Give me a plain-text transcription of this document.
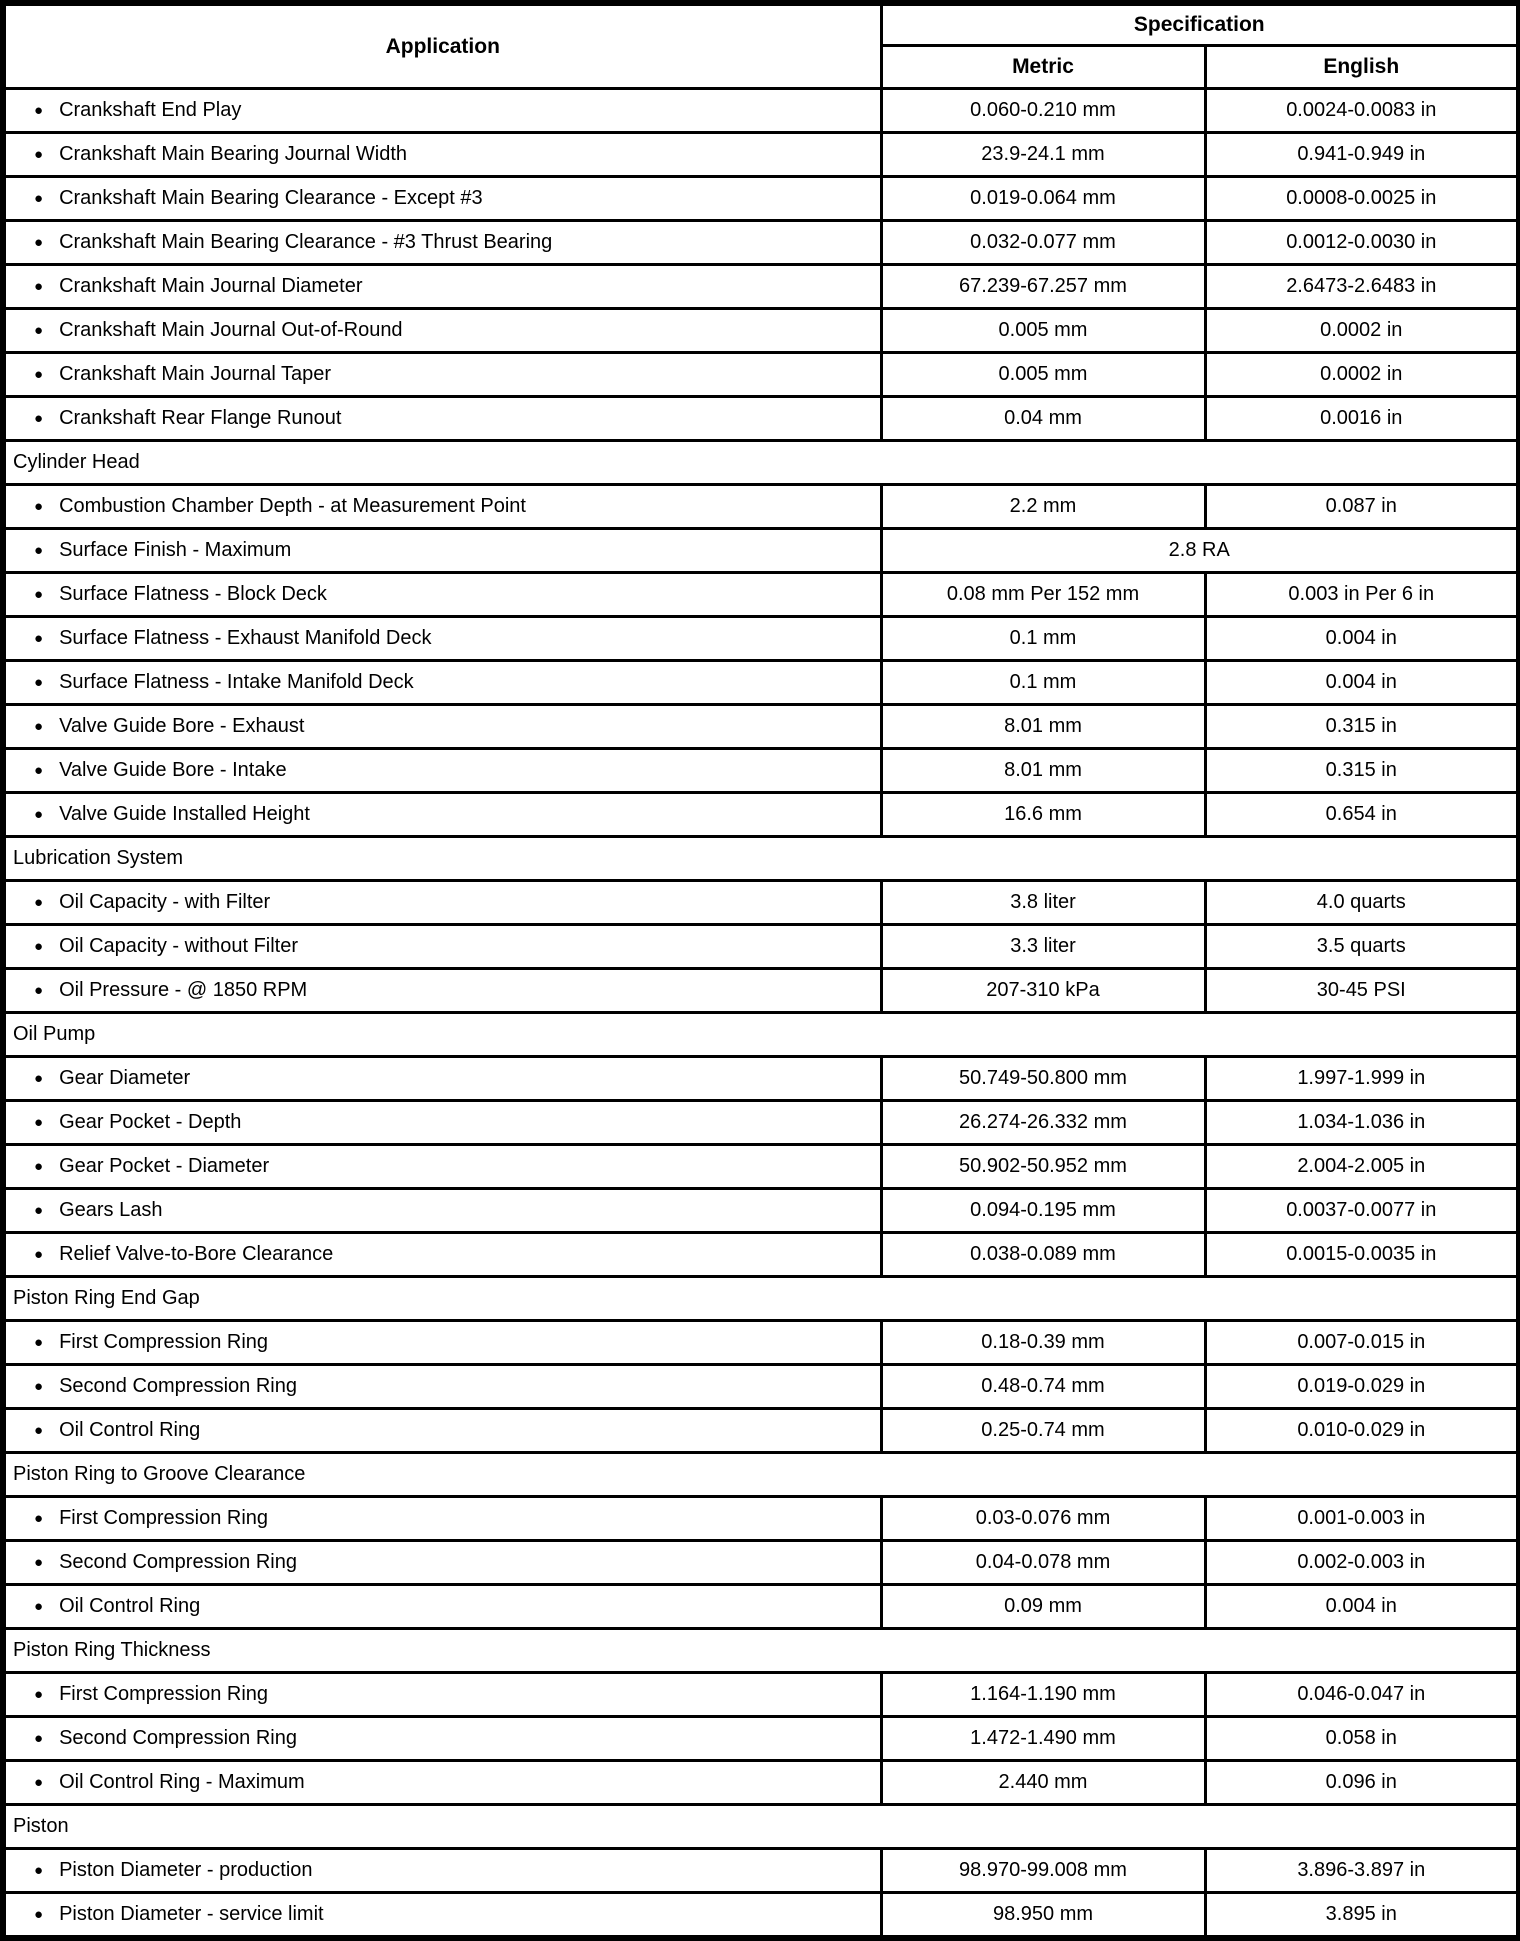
Application	Specification	
	Metric	English
● Crankshaft End Play	0.060-0.210 mm	0.0024-0.0083 in
● Crankshaft Main Bearing Journal Width	23.9-24.1 mm	0.941-0.949 in
● Crankshaft Main Bearing Clearance - Except #3	0.019-0.064 mm	0.0008-0.0025 in
● Crankshaft Main Bearing Clearance - #3 Thrust Bearing	0.032-0.077 mm	0.0012-0.0030 in
● Crankshaft Main Journal Diameter	67.239-67.257 mm	2.6473-2.6483 in
● Crankshaft Main Journal Out-of-Round	0.005 mm	0.0002 in
● Crankshaft Main Journal Taper	0.005 mm	0.0002 in
● Crankshaft Rear Flange Runout	0.04 mm	0.0016 in
Cylinder Head		
● Combustion Chamber Depth - at Measurement Point	2.2 mm	0.087 in
● Surface Finish - Maximum	2.8 RA	
● Surface Flatness - Block Deck	0.08 mm Per 152 mm	0.003 in Per 6 in
● Surface Flatness - Exhaust Manifold Deck	0.1 mm	0.004 in
● Surface Flatness - Intake Manifold Deck	0.1 mm	0.004 in
● Valve Guide Bore - Exhaust	8.01 mm	0.315 in
● Valve Guide Bore - Intake	8.01 mm	0.315 in
● Valve Guide Installed Height	16.6 mm	0.654 in
Lubrication System		
● Oil Capacity - with Filter	3.8 liter	4.0 quarts
● Oil Capacity - without Filter	3.3 liter	3.5 quarts
● Oil Pressure - @ 1850 RPM	207-310 kPa	30-45 PSI
Oil Pump		
● Gear Diameter	50.749-50.800 mm	1.997-1.999 in
● Gear Pocket - Depth	26.274-26.332 mm	1.034-1.036 in
● Gear Pocket - Diameter	50.902-50.952 mm	2.004-2.005 in
● Gears Lash	0.094-0.195 mm	0.0037-0.0077 in
● Relief Valve-to-Bore Clearance	0.038-0.089 mm	0.0015-0.0035 in
Piston Ring End Gap		
● First Compression Ring	0.18-0.39 mm	0.007-0.015 in
● Second Compression Ring	0.48-0.74 mm	0.019-0.029 in
● Oil Control Ring	0.25-0.74 mm	0.010-0.029 in
Piston Ring to Groove Clearance		
● First Compression Ring	0.03-0.076 mm	0.001-0.003 in
● Second Compression Ring	0.04-0.078 mm	0.002-0.003 in
● Oil Control Ring	0.09 mm	0.004 in
Piston Ring Thickness		
● First Compression Ring	1.164-1.190 mm	0.046-0.047 in
● Second Compression Ring	1.472-1.490 mm	0.058 in
● Oil Control Ring - Maximum	2.440 mm	0.096 in
Piston		
● Piston Diameter - production	98.970-99.008 mm	3.896-3.897 in
● Piston Diameter - service limit	98.950 mm	3.895 in
